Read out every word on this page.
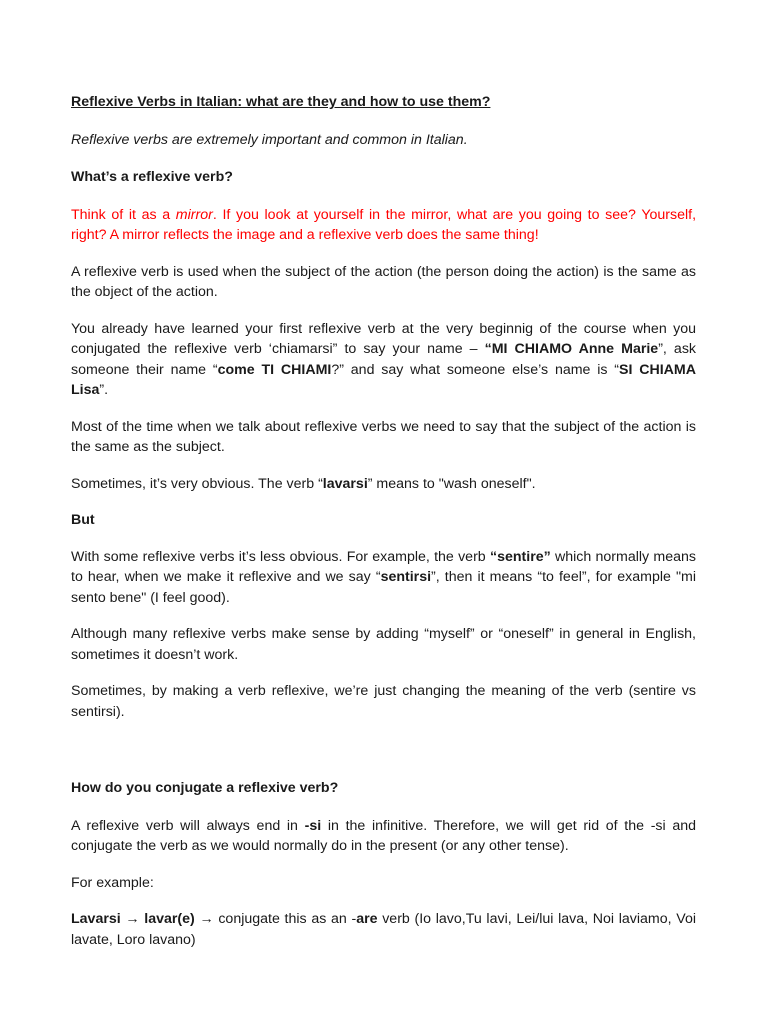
Reflexive Verbs in Italian: what are they and how to use them?

Reflexive verbs are extremely important and common in Italian.

What’s a reflexive verb?

Think of it as a mirror. If you look at yourself in the mirror, what are you going to see? Yourself, right? A mirror reflects the image and a reflexive verb does the same thing!

A reflexive verb is used when the subject of the action (the person doing the action) is the same as the object of the action.

You already have learned your first reflexive verb at the very beginnig of the course when you conjugated the reflexive verb ‘chiamarsi” to say your name – “MI CHIAMO Anne Marie”, ask someone their name “come TI CHIAMI?” and say what someone else’s name is “SI CHIAMA Lisa”.

Most of the time when we talk about reflexive verbs we need to say that the subject of the action is the same as the subject.

Sometimes, it’s very obvious. The verb “lavarsi” means to "wash oneself".

But

With some reflexive verbs it’s less obvious. For example, the verb “sentire” which normally means to hear, when we make it reflexive and we say “sentirsi”, then it means “to feel”, for example "mi sento bene" (I feel good).

Although many reflexive verbs make sense by adding “myself” or “oneself” in general in English, sometimes it doesn’t work.

Sometimes, by making a verb reflexive, we’re just changing the meaning of the verb (sentire vs sentirsi).

How do you conjugate a reflexive verb?

A reflexive verb will always end in -si in the infinitive. Therefore, we will get rid of the -si and conjugate the verb as we would normally do in the present (or any other tense).

For example:

Lavarsi → lavar(e) → conjugate this as an -are verb (Io lavo,Tu lavi, Lei/lui lava, Noi laviamo, Voi lavate, Loro lavano)
